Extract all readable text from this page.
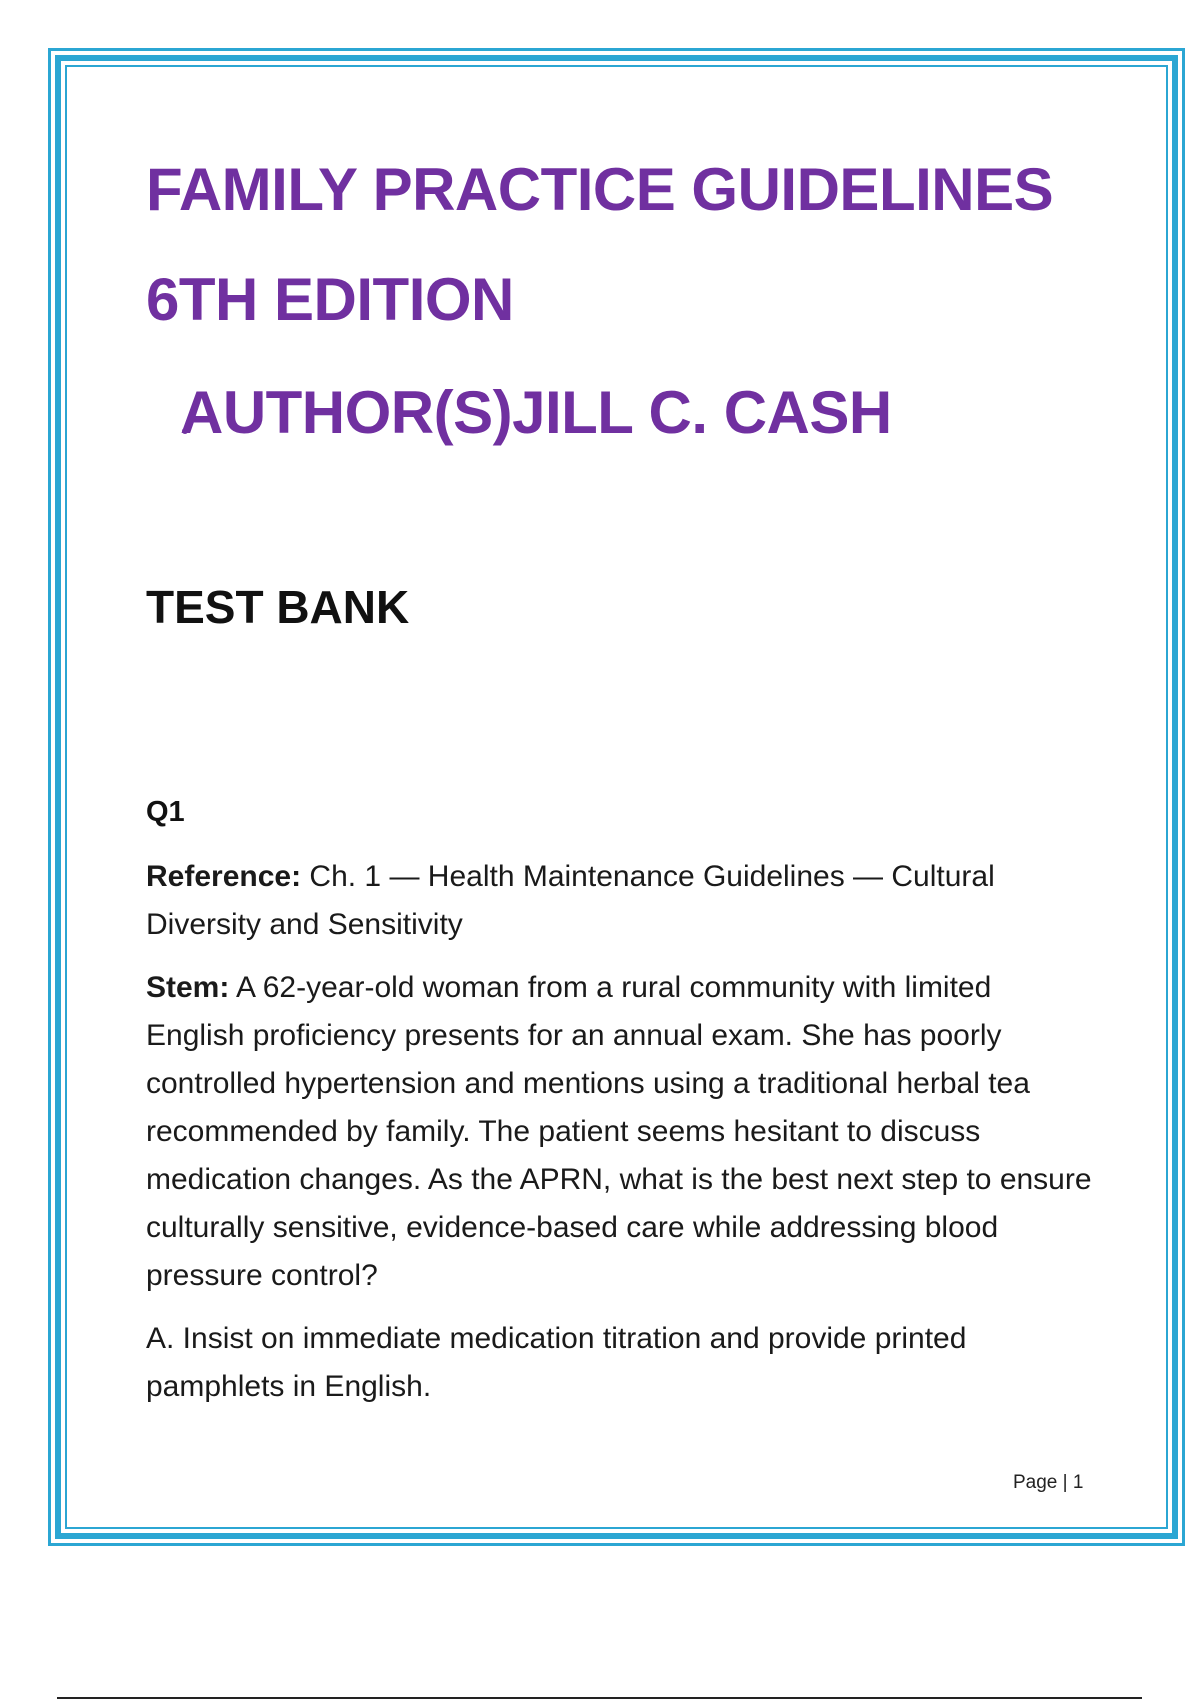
FAMILY PRACTICE GUIDELINES
6TH EDITION
AUTHOR(S)JILL C. CASH
TEST BANK
Q1

Reference: Ch. 1 — Health Maintenance Guidelines — Cultural Diversity and Sensitivity

Stem: A 62-year-old woman from a rural community with limited English proficiency presents for an annual exam. She has poorly controlled hypertension and mentions using a traditional herbal tea recommended by family. The patient seems hesitant to discuss medication changes. As the APRN, what is the best next step to ensure culturally sensitive, evidence-based care while addressing blood pressure control?

A. Insist on immediate medication titration and provide printed pamphlets in English.

Page | 1
